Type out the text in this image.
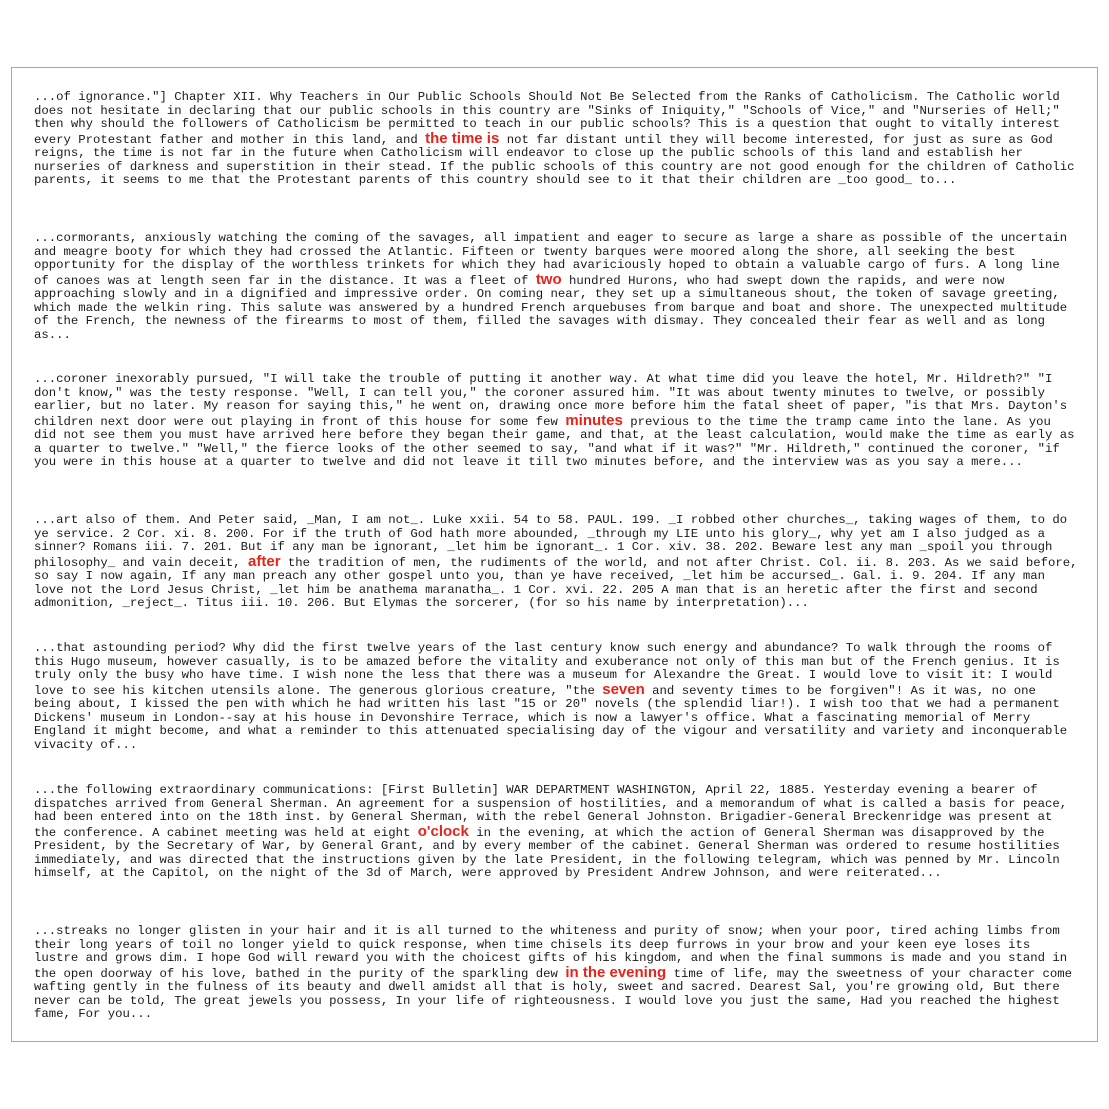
...of ignorance."] Chapter XII. Why Teachers in Our Public Schools Should Not Be Selected from the Ranks of Catholicism. The Catholic world does not hesitate in declaring that our public schools in this country are "Sinks of Iniquity," "Schools of Vice," and "Nurseries of Hell;" then why should the followers of Catholicism be permitted to teach in our public schools? This is a question that ought to vitally interest every Protestant father and mother in this land, and the time is not far distant until they will become interested, for just as sure as God reigns, the time is not far in the future when Catholicism will endeavor to close up the public schools of this land and establish her nurseries of darkness and superstition in their stead. If the public schools of this country are not good enough for the children of Catholic parents, it seems to me that the Protestant parents of this country should see to it that their children are _too good_ to...

...cormorants, anxiously watching the coming of the savages, all impatient and eager to secure as large a share as possible of the uncertain and meagre booty for which they had crossed the Atlantic. Fifteen or twenty barques were moored along the shore, all seeking the best opportunity for the display of the worthless trinkets for which they had avariciously hoped to obtain a valuable cargo of furs. A long line of canoes was at length seen far in the distance. It was a fleet of two hundred Hurons, who had swept down the rapids, and were now approaching slowly and in a dignified and impressive order. On coming near, they set up a simultaneous shout, the token of savage greeting, which made the welkin ring. This salute was answered by a hundred French arquebuses from barque and boat and shore. The unexpected multitude of the French, the newness of the firearms to most of them, filled the savages with dismay. They concealed their fear as well and as long as...

...coroner inexorably pursued, "I will take the trouble of putting it another way. At what time did you leave the hotel, Mr. Hildreth?" "I don't know," was the testy response. "Well, I can tell you," the coroner assured him. "It was about twenty minutes to twelve, or possibly earlier, but no later. My reason for saying this," he went on, drawing once more before him the fatal sheet of paper, "is that Mrs. Dayton's children next door were out playing in front of this house for some few minutes previous to the time the tramp came into the lane. As you did not see them you must have arrived here before they began their game, and that, at the least calculation, would make the time as early as a quarter to twelve." "Well," the fierce looks of the other seemed to say, "and what if it was?" "Mr. Hildreth," continued the coroner, "if you were in this house at a quarter to twelve and did not leave it till two minutes before, and the interview was as you say a mere...

...art also of them. And Peter said, _Man, I am not_. Luke xxii. 54 to 58. PAUL. 199. _I robbed other churches_, taking wages of them, to do ye service. 2 Cor. xi. 8. 200. For if the truth of God hath more abounded, _through my LIE unto his glory_, why yet am I also judged as a sinner? Romans iii. 7. 201. But if any man be ignorant, _let him be ignorant_. 1 Cor. xiv. 38. 202. Beware lest any man _spoil you through philosophy_ and vain deceit, after the tradition of men, the rudiments of the world, and not after Christ. Col. ii. 8. 203. As we said before, so say I now again, If any man preach any other gospel unto you, than ye have received, _let him be accursed_. Gal. i. 9. 204. If any man love not the Lord Jesus Christ, _let him be anathema maranatha_. 1 Cor. xvi. 22. 205 A man that is an heretic after the first and second admonition, _reject_. Titus iii. 10. 206. But Elymas the sorcerer, (for so his name by interpretation)...

...that astounding period? Why did the first twelve years of the last century know such energy and abundance? To walk through the rooms of this Hugo museum, however casually, is to be amazed before the vitality and exuberance not only of this man but of the French genius. It is truly only the busy who have time. I wish none the less that there was a museum for Alexandre the Great. I would love to visit it: I would love to see his kitchen utensils alone. The generous glorious creature, "the seven and seventy times to be forgiven"! As it was, no one being about, I kissed the pen with which he had written his last "15 or 20" novels (the splendid liar!). I wish too that we had a permanent Dickens' museum in London--say at his house in Devonshire Terrace, which is now a lawyer's office. What a fascinating memorial of Merry England it might become, and what a reminder to this attenuated specialising day of the vigour and versatility and variety and inconquerable vivacity of...

...the following extraordinary communications: [First Bulletin] WAR DEPARTMENT WASHINGTON, April 22, 1885. Yesterday evening a bearer of dispatches arrived from General Sherman. An agreement for a suspension of hostilities, and a memorandum of what is called a basis for peace, had been entered into on the 18th inst. by General Sherman, with the rebel General Johnston. Brigadier-General Breckenridge was present at the conference. A cabinet meeting was held at eight o'clock in the evening, at which the action of General Sherman was disapproved by the President, by the Secretary of War, by General Grant, and by every member of the cabinet. General Sherman was ordered to resume hostilities immediately, and was directed that the instructions given by the late President, in the following telegram, which was penned by Mr. Lincoln himself, at the Capitol, on the night of the 3d of March, were approved by President Andrew Johnson, and were reiterated...

...streaks no longer glisten in your hair and it is all turned to the whiteness and purity of snow; when your poor, tired aching limbs from their long years of toil no longer yield to quick response, when time chisels its deep furrows in your brow and your keen eye loses its lustre and grows dim. I hope God will reward you with the choicest gifts of his kingdom, and when the final summons is made and you stand in the open doorway of his love, bathed in the purity of the sparkling dew in the evening time of life, may the sweetness of your character come wafting gently in the fulness of its beauty and dwell amidst all that is holy, sweet and sacred. Dearest Sal, you're growing old, But there never can be told, The great jewels you possess, In your life of righteousness. I would love you just the same, Had you reached the highest fame, For you...
